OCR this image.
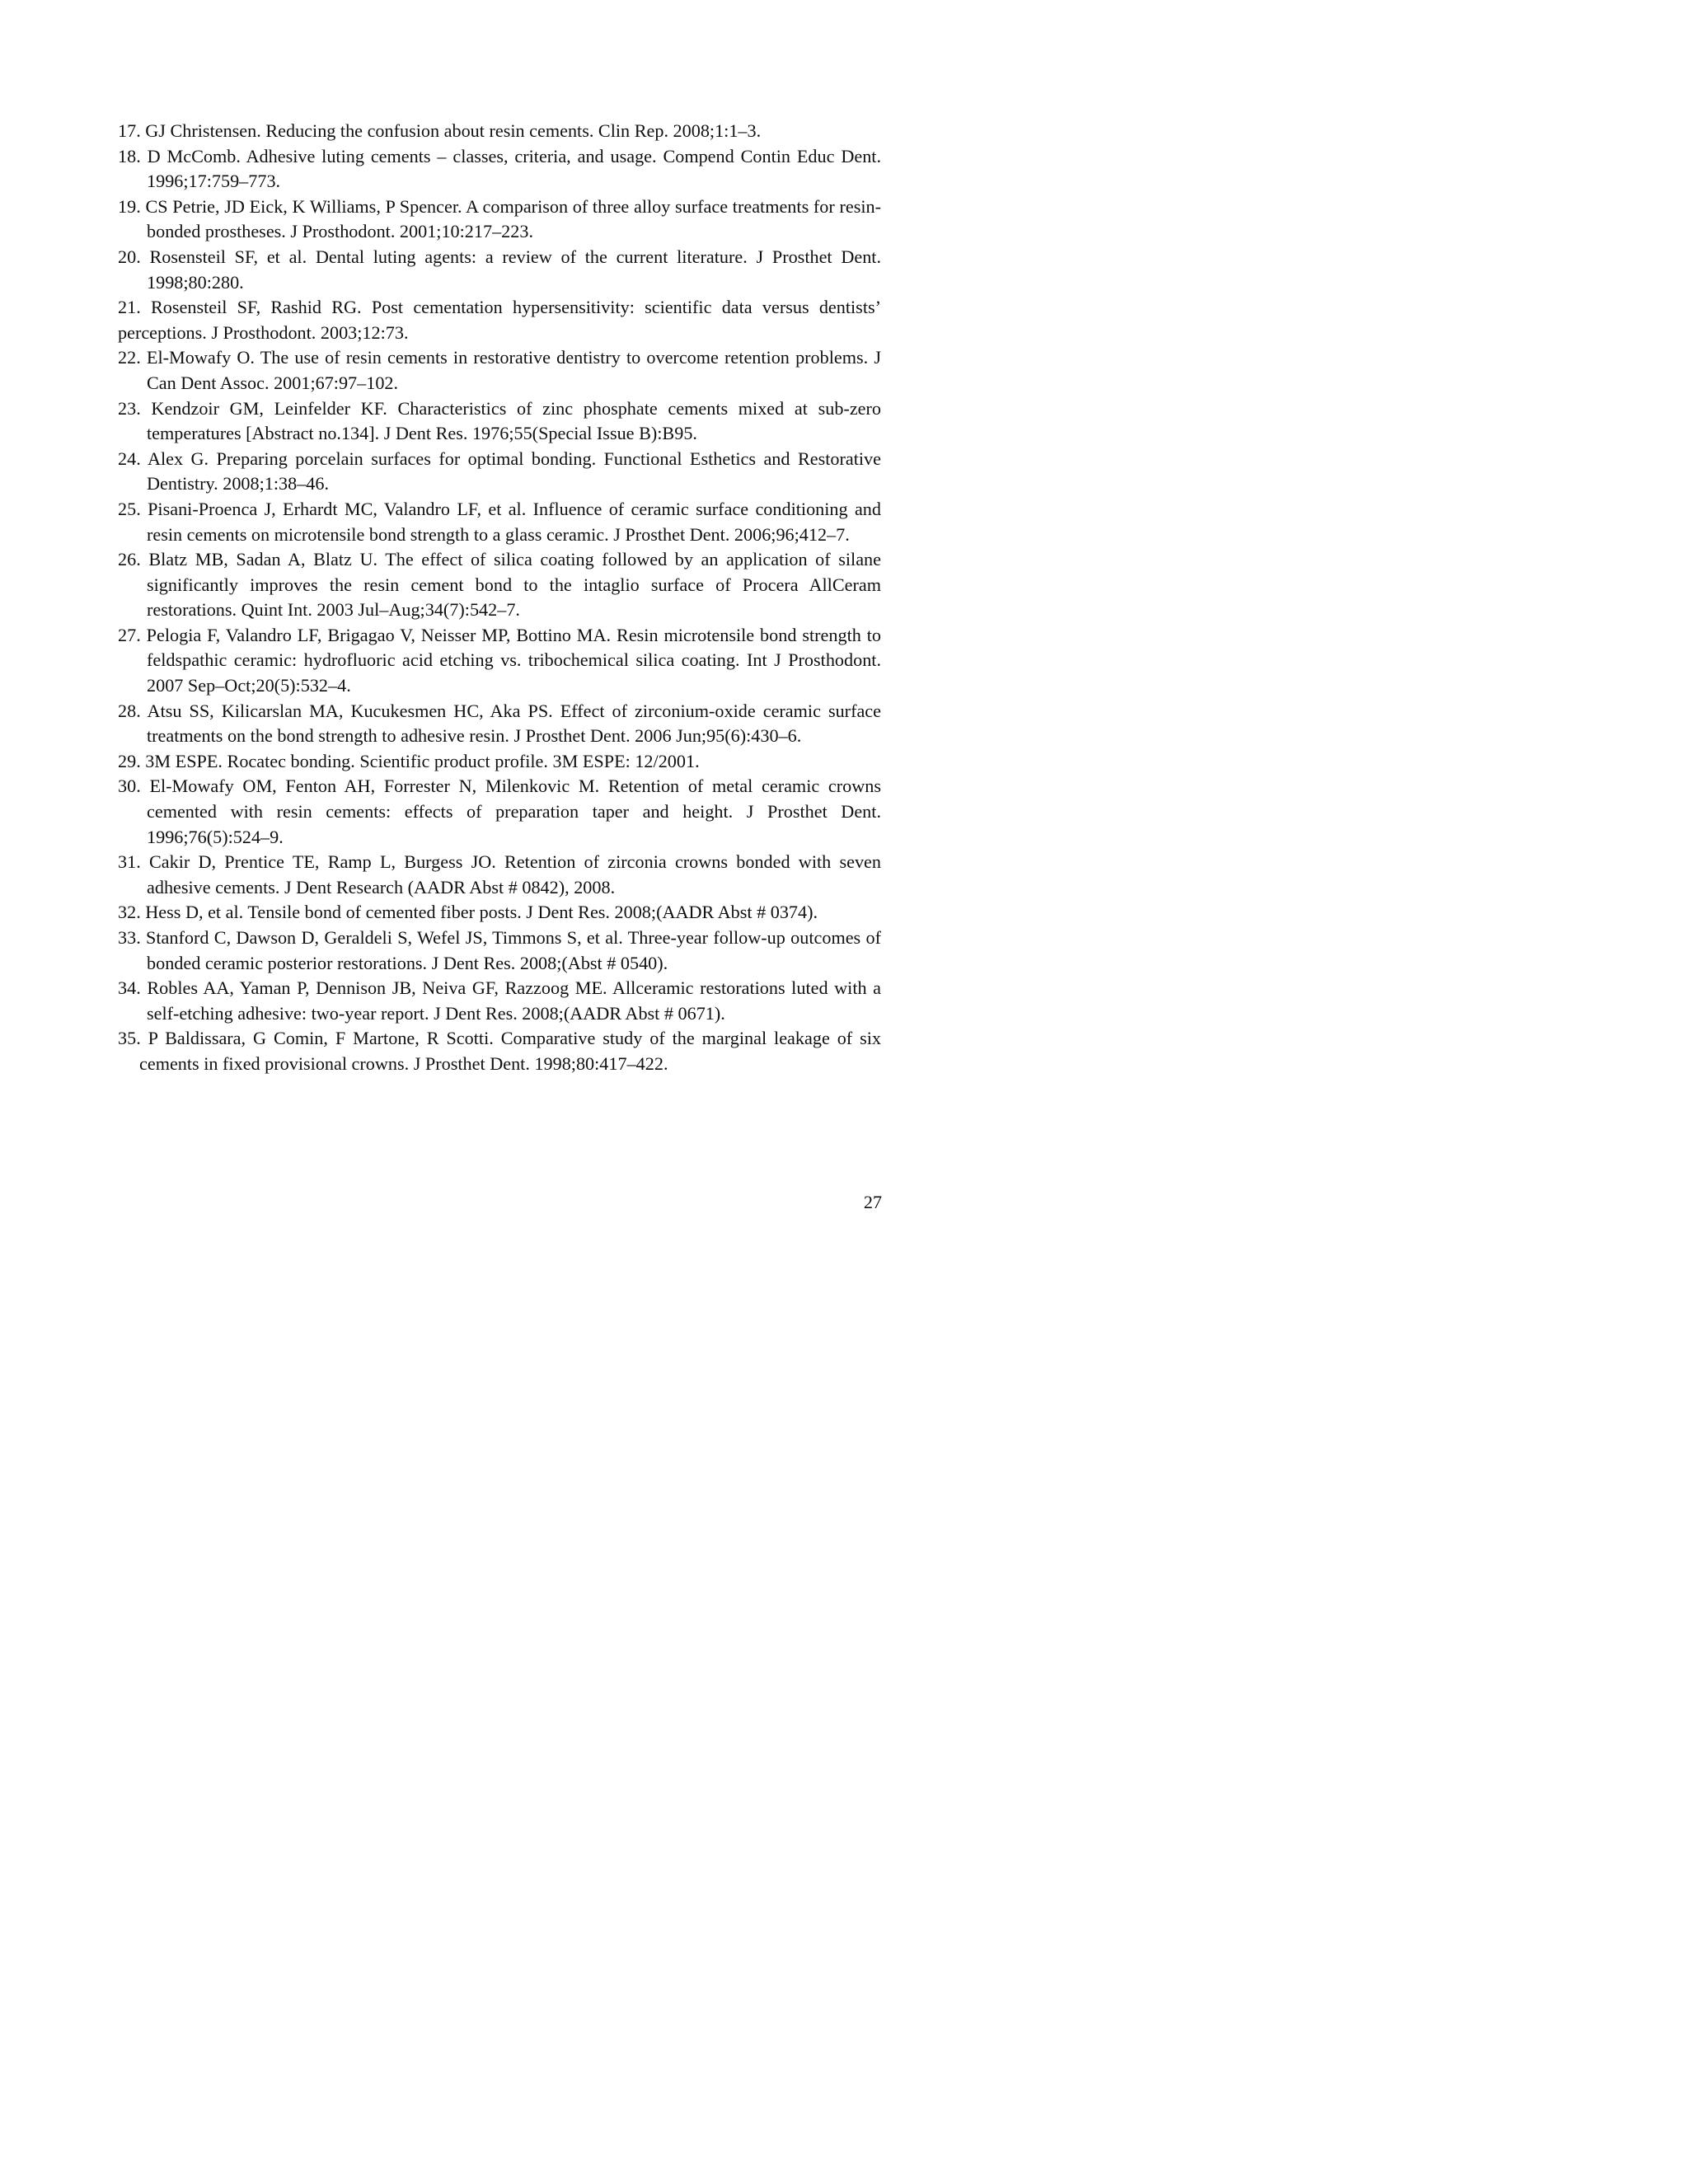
17. GJ Christensen. Reducing the confusion about resin cements. Clin Rep. 2008;1:1–3.
18. D McComb. Adhesive luting cements – classes, criteria, and usage. Compend Contin Educ Dent. 1996;17:759–773.
19. CS Petrie, JD Eick, K Williams, P Spencer. A comparison of three alloy surface treatments for resin-bonded prostheses. J Prosthodont. 2001;10:217–223.
20. Rosensteil SF, et al. Dental luting agents: a review of the current literature. J Prosthet Dent. 1998;80:280.
21. Rosensteil SF, Rashid RG. Post cementation hypersensitivity: scientific data versus dentists’ perceptions. J Prosthodont. 2003;12:73.
22. El-Mowafy O. The use of resin cements in restorative dentistry to overcome retention problems. J Can Dent Assoc. 2001;67:97–102.
23. Kendzoir GM, Leinfelder KF. Characteristics of zinc phosphate cements mixed at sub-zero temperatures [Abstract no.134]. J Dent Res. 1976;55(Special Issue B):B95.
24. Alex G. Preparing porcelain surfaces for optimal bonding. Functional Esthetics and Restorative Dentistry. 2008;1:38–46.
25. Pisani-Proenca J, Erhardt MC, Valandro LF, et al. Influence of ceramic surface conditioning and resin cements on microtensile bond strength to a glass ceramic. J Prosthet Dent. 2006;96;412–7.
26. Blatz MB, Sadan A, Blatz U. The effect of silica coating followed by an application of silane significantly improves the resin cement bond to the intaglio surface of Procera AllCeram restorations. Quint Int. 2003 Jul–Aug;34(7):542–7.
27. Pelogia F, Valandro LF, Brigagao V, Neisser MP, Bottino MA. Resin microtensile bond strength to feldspathic ceramic: hydrofluoric acid etching vs. tribochemical silica coating. Int J Prosthodont. 2007 Sep–Oct;20(5):532–4.
28. Atsu SS, Kilicarslan MA, Kucukesmen HC, Aka PS. Effect of zirconium-oxide ceramic surface treatments on the bond strength to adhesive resin. J Prosthet Dent. 2006 Jun;95(6):430–6.
29. 3M ESPE. Rocatec bonding. Scientific product profile. 3M ESPE: 12/2001.
30. El-Mowafy OM, Fenton AH, Forrester N, Milenkovic M. Retention of metal ceramic crowns cemented with resin cements: effects of preparation taper and height. J Prosthet Dent. 1996;76(5):524–9.
31. Cakir D, Prentice TE, Ramp L, Burgess JO. Retention of zirconia crowns bonded with seven adhesive cements. J Dent Research (AADR Abst # 0842), 2008.
32. Hess D, et al. Tensile bond of cemented fiber posts. J Dent Res. 2008;(AADR Abst # 0374).
33. Stanford C, Dawson D, Geraldeli S, Wefel JS, Timmons S, et al. Three-year follow-up outcomes of bonded ceramic posterior restorations. J Dent Res. 2008;(Abst # 0540).
34. Robles AA, Yaman P, Dennison JB, Neiva GF, Razzoog ME. Allceramic restorations luted with a self-etching adhesive: two-year report. J Dent Res. 2008;(AADR Abst # 0671).
35. P Baldissara, G Comin, F Martone, R Scotti. Comparative study of the marginal leakage of six cements in fixed provisional crowns. J Prosthet Dent. 1998;80:417–422.
27
